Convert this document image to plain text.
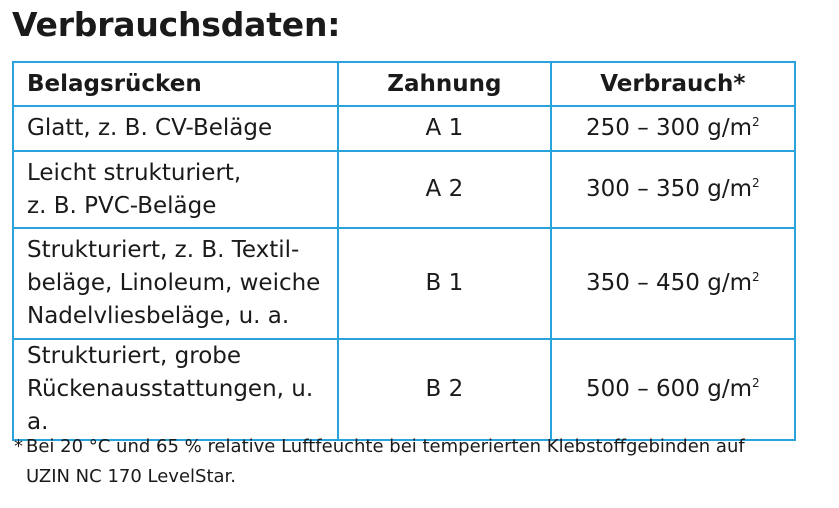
Verbrauchsdaten:
Belagsrücken	Zahnung	Verbrauch*

Glatt, z. B. CV-Beläge	A 1	250 – 300 $g/m^2$

Leicht strukturiert,
z. B. PVC-Beläge	A 2	300 – 350 $g/m^2$

Strukturiert, z. B. Textil-
beläge, Linoleum, weiche
Nadelvliesbeläge, u. a.	B 1	350 – 450 $g/m^2$

Strukturiert, grobe
Rückenausstattungen, u. a.	B 2	500 – 600 $g/m^2$
* Bei 20 °C und 65 % relative Luftfeuchte bei temperierten Klebstoffgebinden auf
UZIN NC 170 LevelStar.
